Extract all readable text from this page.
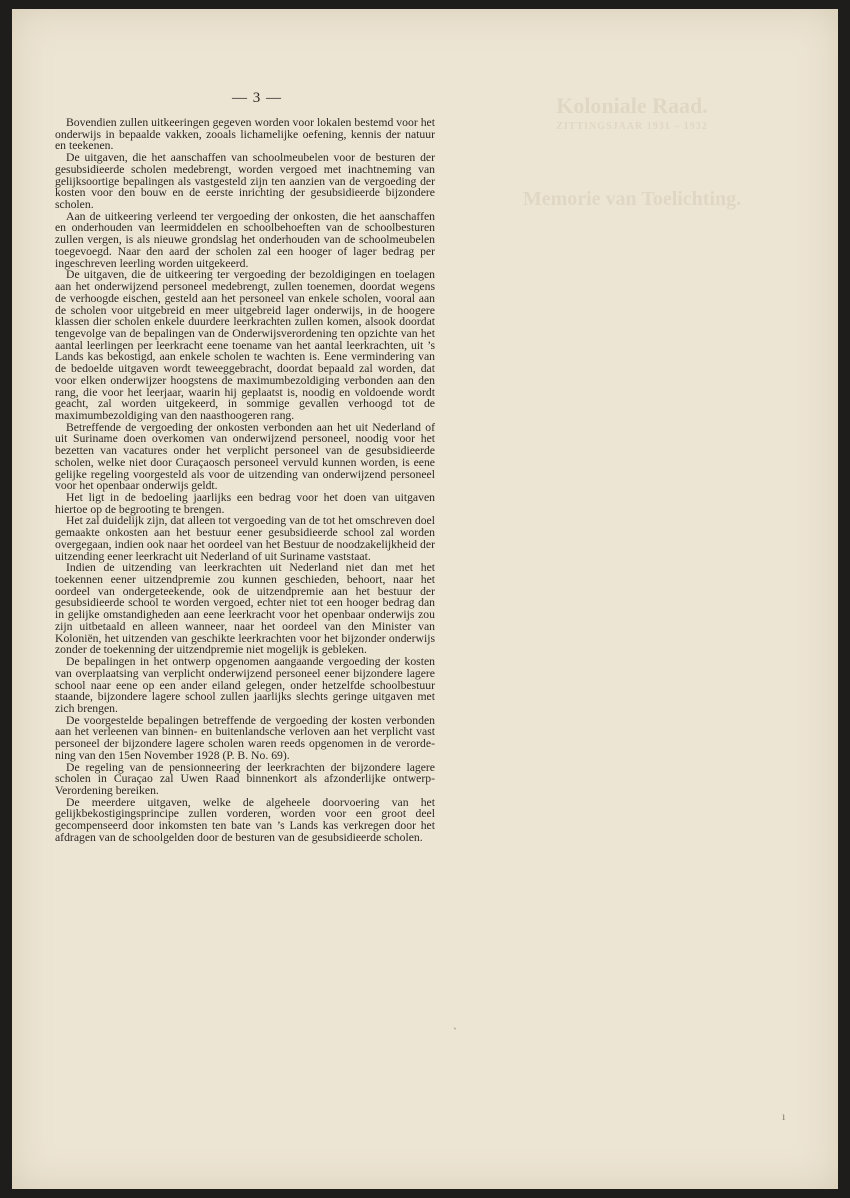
Koloniale Raad.
ZITTINGSJAAR 1931 – 1932
Memorie van Toelichting.
— 3 —

Bovendien zullen uitkeeringen gegeven worden voor lokalen bestemd voor het onderwijs in bepaalde vakken, zooals lichamelijke oefening, kennis der natuur en teekenen.

De uitgaven, die het aanschaffen van schoolmeubelen voor de besturen der gesubsidieerde scholen medebrengt, worden vergoed met inachtneming van gelijksoortige bepalingen als vastgesteld zijn ten aanzien van de vergoeding der kosten voor den bouw en de eerste inrichting der gesubsidieerde bijzondere scholen.

Aan de uitkeering verleend ter vergoeding der onkosten, die het aanschaffen en onderhouden van leermiddelen en schoolbehoeften van de schoolbesturen zullen vergen, is als nieuwe grondslag het onderhouden van de schoolmeubelen toegevoegd. Naar den aard der scholen zal een hooger of lager bedrag per ingeschreven leerling worden uitgekeerd.

De uitgaven, die de uitkeering ter vergoeding der bezoldigingen en toelagen aan het onderwijzend personeel medebrengt, zullen toenemen, doordat wegens de verhoogde eischen, gesteld aan het personeel van enkele scholen, vooral aan de scholen voor uitgebreid en meer uitgebreid lager onderwijs, in de hoogere klassen dier scholen enkele duurdere leerkrachten zullen komen, alsook doordat tengevolge van de bepalingen van de Onderwijsverordening ten opzichte van het aantal leerlingen per leerkracht eene toename van het aantal leerkrachten, uit ’s Lands kas bekostigd, aan enkele scholen te wachten is. Eene vermindering van de bedoelde uitgaven wordt teweeggebracht, doordat bepaald zal worden, dat voor elken onderwijzer hoogstens de maximumbezoldiging verbonden aan den rang, die voor het leerjaar, waarin hij geplaatst is, noodig en voldoende wordt geacht, zal worden uitgekeerd, in sommige gevallen verhoogd tot de maximumbezoldiging van den naasthoogeren rang.

Betreffende de vergoeding der onkosten verbonden aan het uit Nederland of uit Suriname doen overkomen van onderwijzend personeel, noodig voor het bezetten van vacatures onder het verplicht personeel van de gesubsidieerde scholen, welke niet door Curaçaosch personeel vervuld kunnen worden, is eene gelijke regeling voorgesteld als voor de uitzending van onderwijzend personeel voor het openbaar onderwijs geldt.

Het ligt in de bedoeling jaarlijks een bedrag voor het doen van uitgaven hiertoe op de begrooting te brengen.

Het zal duidelijk zijn, dat alleen tot vergoeding van de tot het omschreven doel gemaakte onkosten aan het bestuur eener gesubsidieerde school zal worden overgegaan, indien ook naar het oordeel van het Bestuur de noodzakelijkheid der uitzending eener leerkracht uit Nederland of uit Suriname vaststaat.

Indien de uitzending van leerkrachten uit Nederland niet dan met het toekennen eener uitzendpremie zou kunnen geschieden, behoort, naar het oordeel van ondergeteekende, ook de uitzendpremie aan het bestuur der gesubsidieerde school te worden vergoed, echter niet tot een hooger bedrag dan in gelijke omstandigheden aan eene leerkracht voor het openbaar onderwijs zou zijn uitbetaald en alleen wanneer, naar het oordeel van den Minister van Koloniën, het uitzenden van geschikte leerkrachten voor het bijzonder onderwijs zonder de toekenning der uitzendpremie niet mogelijk is gebleken.

De bepalingen in het ontwerp opgenomen aangaande vergoeding der kosten van overplaatsing van verplicht onderwijzend personeel eener bijzondere lagere school naar eene op een ander eiland gelegen, onder hetzelfde schoolbestuur staande, bijzondere lagere school zullen jaarlijks slechts geringe uitgaven met zich brengen.

De voorgestelde bepalingen betreffende de vergoeding der kosten verbonden aan het verleenen van binnen- en buitenlandsche verloven aan het verplicht vast personeel der bijzondere lagere scholen waren reeds opgenomen in de verordening van den 15en November 1928 (P. B. No. 69).

De regeling van de pensionneering der leerkrachten der bijzondere lagere scholen in Curaçao zal Uwen Raad binnenkort als afzonderlijke ontwerp-Verordening bereiken.

De meerdere uitgaven, welke de algeheele doorvoering van het gelijkbekostigingsprincipe zullen vorderen, worden voor een groot deel gecompenseerd door inkomsten ten bate van ’s Lands kas verkregen door het afdragen van de schoolgelden door de besturen van de gesubsidieerde scholen.

ˋ
ı
